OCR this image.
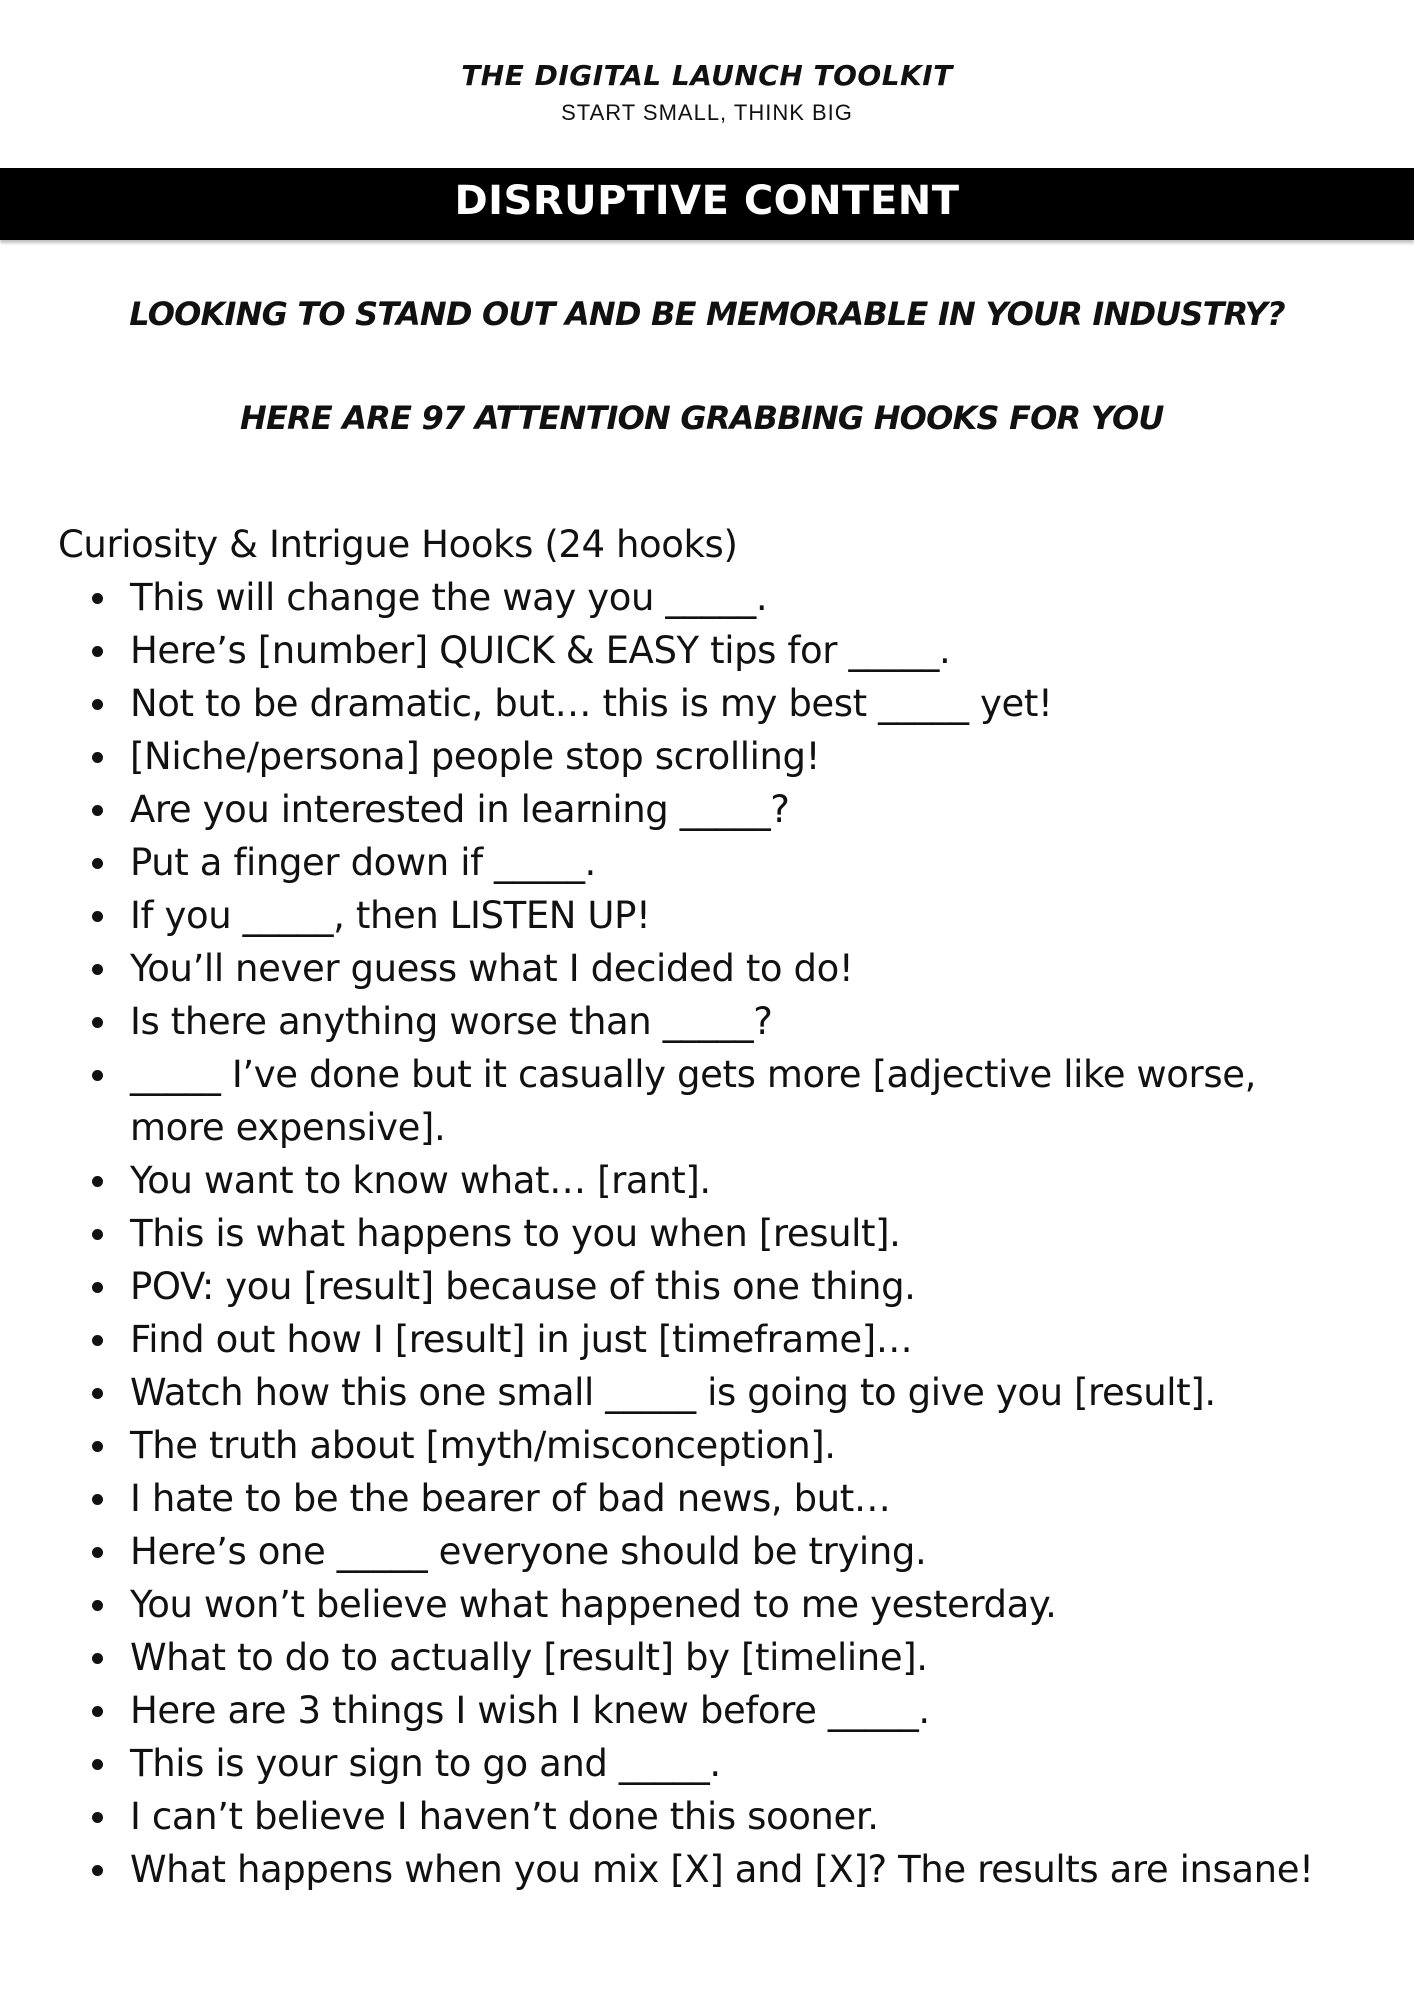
THE DIGITAL LAUNCH TOOLKIT
START SMALL, THINK BIG
DISRUPTIVE CONTENT
LOOKING TO STAND OUT AND BE MEMORABLE IN YOUR INDUSTRY?
HERE ARE 97 ATTENTION GRABBING HOOKS FOR YOU

Curiosity & Intrigue Hooks (24 hooks)

This will change the way you _____.
Here’s [number] QUICK & EASY tips for _____.
Not to be dramatic, but… this is my best _____ yet!
[Niche/persona] people stop scrolling!
Are you interested in learning _____?
Put a finger down if _____.
If you _____, then LISTEN UP!
You’ll never guess what I decided to do!
Is there anything worse than _____?
_____ I’ve done but it casually gets more [adjective like worse, more expensive].
You want to know what… [rant].
This is what happens to you when [result].
POV: you [result] because of this one thing.
Find out how I [result] in just [timeframe]…
Watch how this one small _____ is going to give you [result].
The truth about [myth/misconception].
I hate to be the bearer of bad news, but…
Here’s one _____ everyone should be trying.
You won’t believe what happened to me yesterday.
What to do to actually [result] by [timeline].
Here are 3 things I wish I knew before _____.
This is your sign to go and _____.
I can’t believe I haven’t done this sooner.
What happens when you mix [X] and [X]? The results are insane!
